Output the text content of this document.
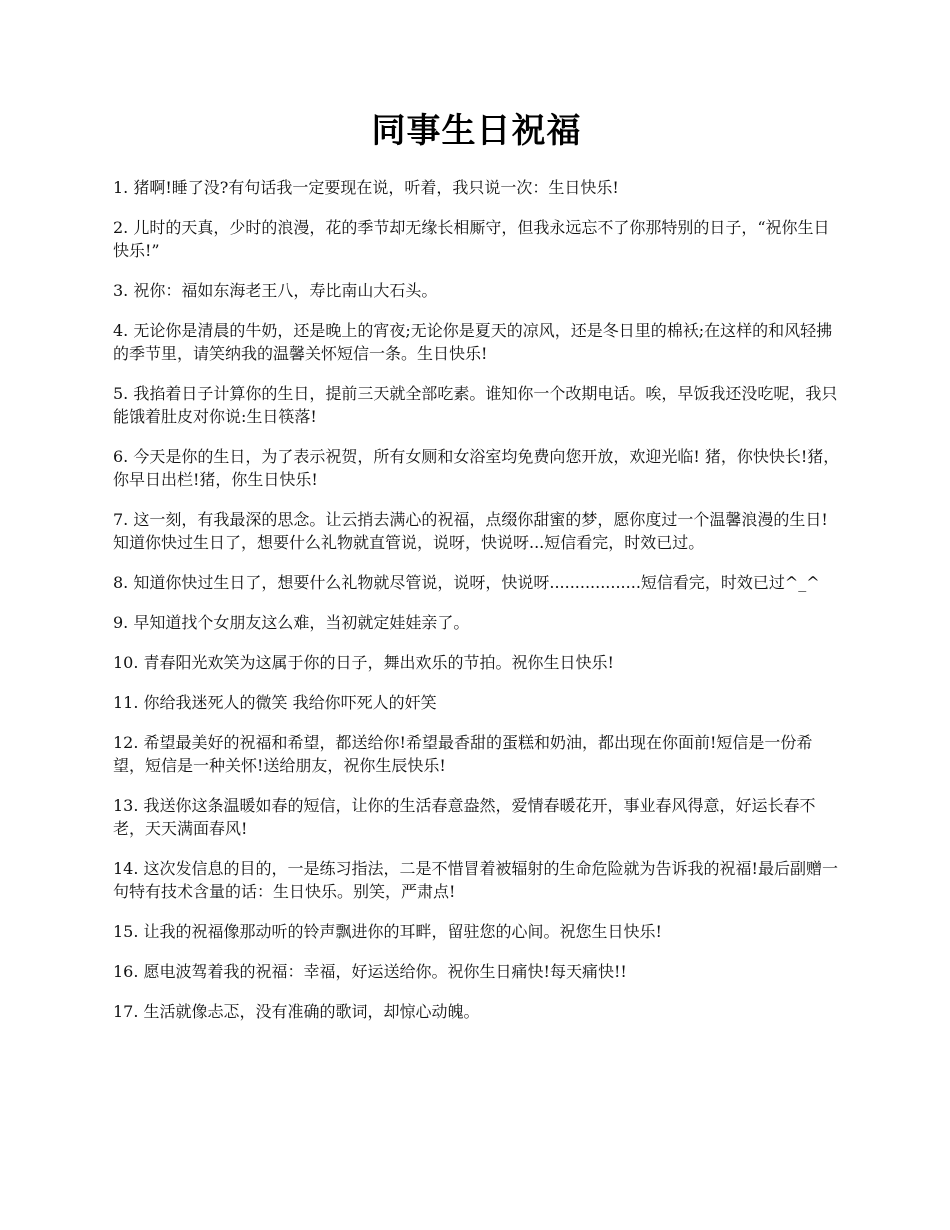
同事生日祝福
1. 猪啊!睡了没?有句话我一定要现在说，听着，我只说一次：生日快乐!
2. 儿时的天真，少时的浪漫，花的季节却无缘长相厮守，但我永远忘不了你那特别的日子，“祝你生日快乐!”
3. 祝你：福如东海老王八，寿比南山大石头。
4. 无论你是清晨的牛奶，还是晚上的宵夜;无论你是夏天的凉风，还是冬日里的棉袄;在这样的和风轻拂的季节里，请笑纳我的温馨关怀短信一条。生日快乐!
5. 我掐着日子计算你的生日，提前三天就全部吃素。谁知你一个改期电话。唉，早饭我还没吃呢，我只能饿着肚皮对你说:生日筷落!
6. 今天是你的生日，为了表示祝贺，所有女厕和女浴室均免费向您开放，欢迎光临! 猪，你快快长!猪，你早日出栏!猪，你生日快乐!
7. 这一刻，有我最深的思念。让云捎去满心的祝福，点缀你甜蜜的梦，愿你度过一个温馨浪漫的生日! 知道你快过生日了，想要什么礼物就直管说，说呀，快说呀...短信看完，时效已过。
8. 知道你快过生日了，想要什么礼物就尽管说，说呀，快说呀..................短信看完，时效已过^_^
9. 早知道找个女朋友这么难，当初就定娃娃亲了。
10. 青春阳光欢笑为这属于你的日子，舞出欢乐的节拍。祝你生日快乐!
11. 你给我迷死人的微笑 我给你吓死人的奸笑
12. 希望最美好的祝福和希望，都送给你!希望最香甜的蛋糕和奶油，都出现在你面前!短信是一份希望，短信是一种关怀!送给朋友，祝你生辰快乐!
13. 我送你这条温暖如春的短信，让你的生活春意盎然，爱情春暖花开，事业春风得意，好运长春不老，天天满面春风!
14. 这次发信息的目的，一是练习指法，二是不惜冒着被辐射的生命危险就为告诉我的祝福!最后副赠一句特有技术含量的话：生日快乐。别笑，严肃点!
15. 让我的祝福像那动听的铃声飘进你的耳畔，留驻您的心间。祝您生日快乐!
16. 愿电波驾着我的祝福：幸福，好运送给你。祝你生日痛快!每天痛快!!
17. 生活就像忐忑，没有准确的歌词，却惊心动魄。
